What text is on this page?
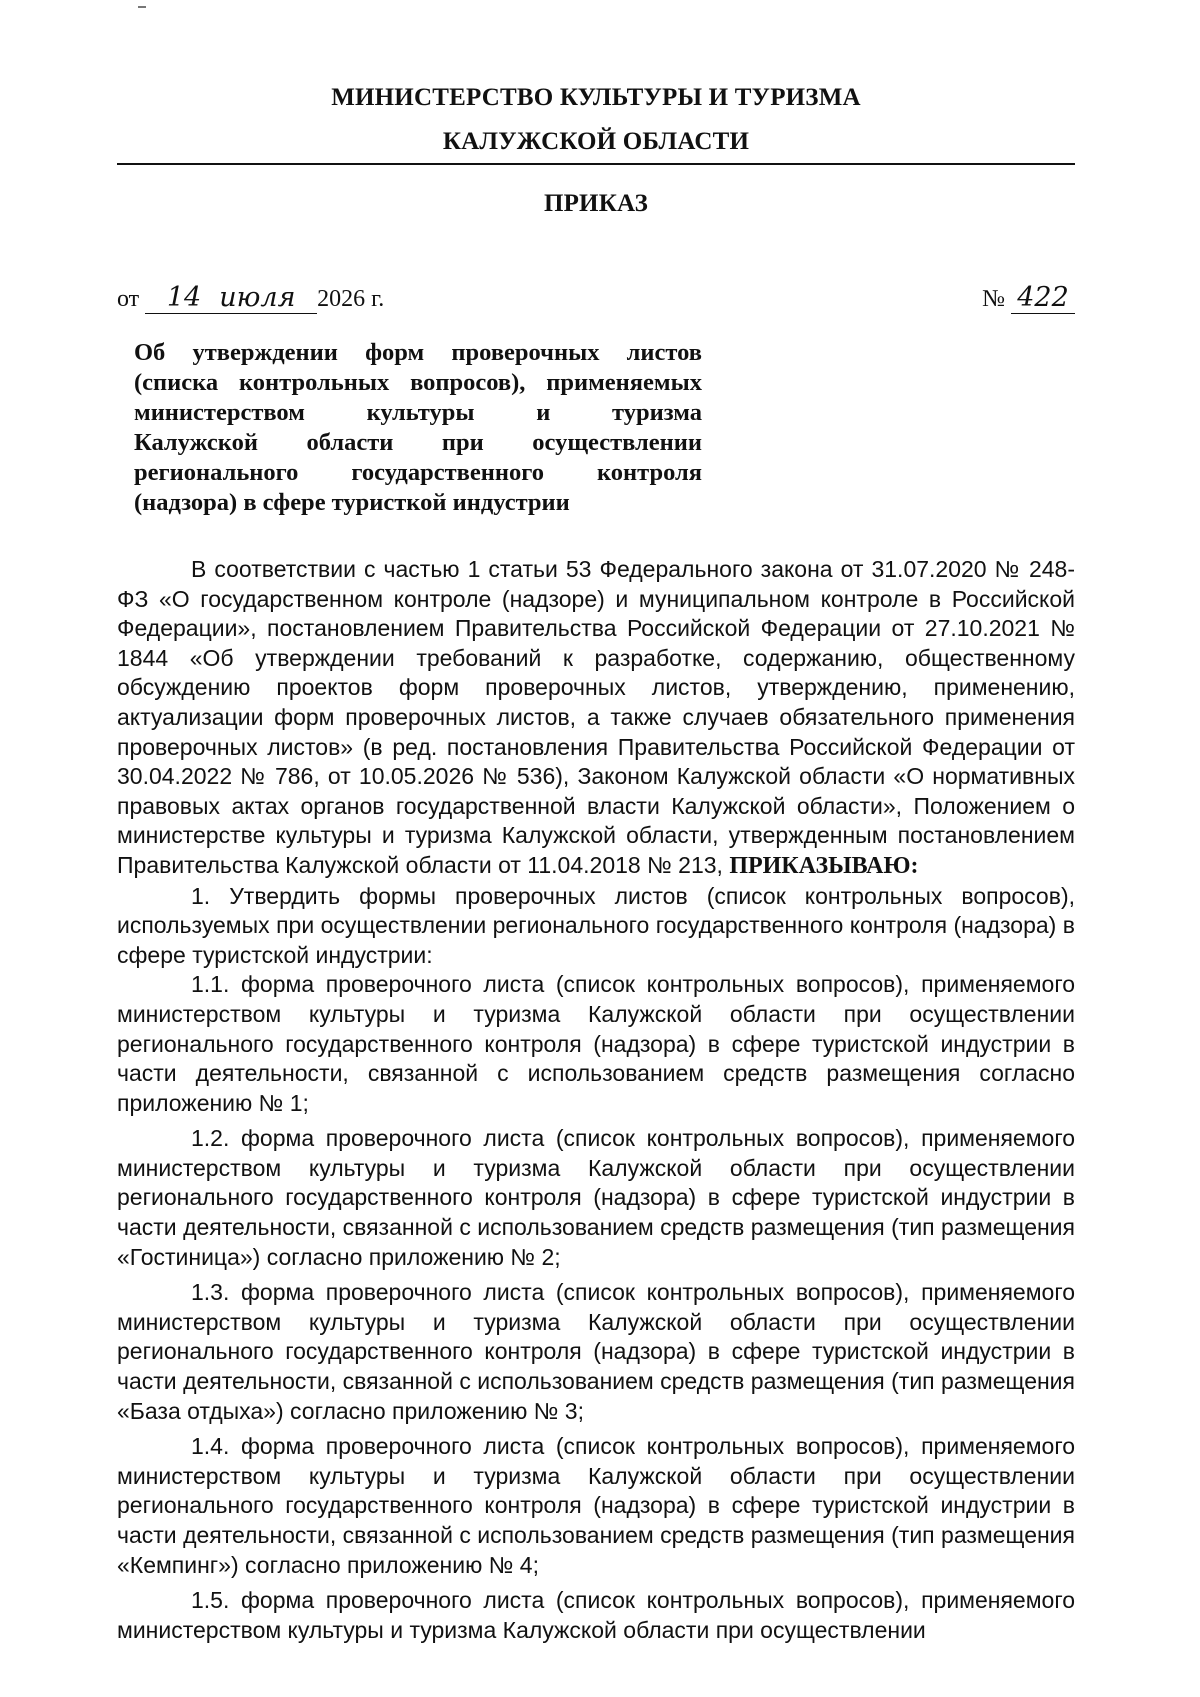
МИНИСТЕРСТВО КУЛЬТУРЫ И ТУРИЗМА
КАЛУЖСКОЙ ОБЛАСТИ
ПРИКАЗ
от 14 июля 2026 г.	№ 422
Об утверждении форм проверочных листов
(списка контрольных вопросов), применяемых
министерством культуры и туризма
Калужской области при осуществлении
регионального государственного контроля
(надзора) в сфере туристкой индустрии

В соответствии с частью 1 статьи 53 Федерального закона от 31.07.2020 № 248-ФЗ «О государственном контроле (надзоре) и муниципальном контроле в Российской Федерации», постановлением Правительства Российской Федерации от 27.10.2021 № 1844 «Об утверждении требований к разработке, содержанию, общественному обсуждению проектов форм проверочных листов, утверждению, применению, актуализации форм проверочных листов, а также случаев обязательного применения проверочных листов» (в ред. постановления Правительства Российской Федерации от 30.04.2022 № 786, от 10.05.2026 № 536), Законом Калужской области «О нормативных правовых актах органов государственной власти Калужской области», Положением о министерстве культуры и туризма Калужской области, утвержденным постановлением Правительства Калужской области от 11.04.2018 № 213, ПРИКАЗЫВАЮ:

1. Утвердить формы проверочных листов (список контрольных вопросов), используемых при осуществлении регионального государственного контроля (надзора) в сфере туристской индустрии:

1.1. форма проверочного листа (список контрольных вопросов), применяемого министерством культуры и туризма Калужской области при осуществлении регионального государственного контроля (надзора) в сфере туристской индустрии в части деятельности, связанной с использованием средств размещения согласно приложению № 1;

1.2. форма проверочного листа (список контрольных вопросов), применяемого министерством культуры и туризма Калужской области при осуществлении регионального государственного контроля (надзора) в сфере туристской индустрии в части деятельности, связанной с использованием средств размещения (тип размещения «Гостиница») согласно приложению № 2;

1.3. форма проверочного листа (список контрольных вопросов), применяемого министерством культуры и туризма Калужской области при осуществлении регионального государственного контроля (надзора) в сфере туристской индустрии в части деятельности, связанной с использованием средств размещения (тип размещения «База отдыха») согласно приложению № 3;

1.4. форма проверочного листа (список контрольных вопросов), применяемого министерством культуры и туризма Калужской области при осуществлении регионального государственного контроля (надзора) в сфере туристской индустрии в части деятельности, связанной с использованием средств размещения (тип размещения «Кемпинг») согласно приложению № 4;

1.5. форма проверочного листа (список контрольных вопросов), применяемого министерством культуры и туризма Калужской области при осуществлении
